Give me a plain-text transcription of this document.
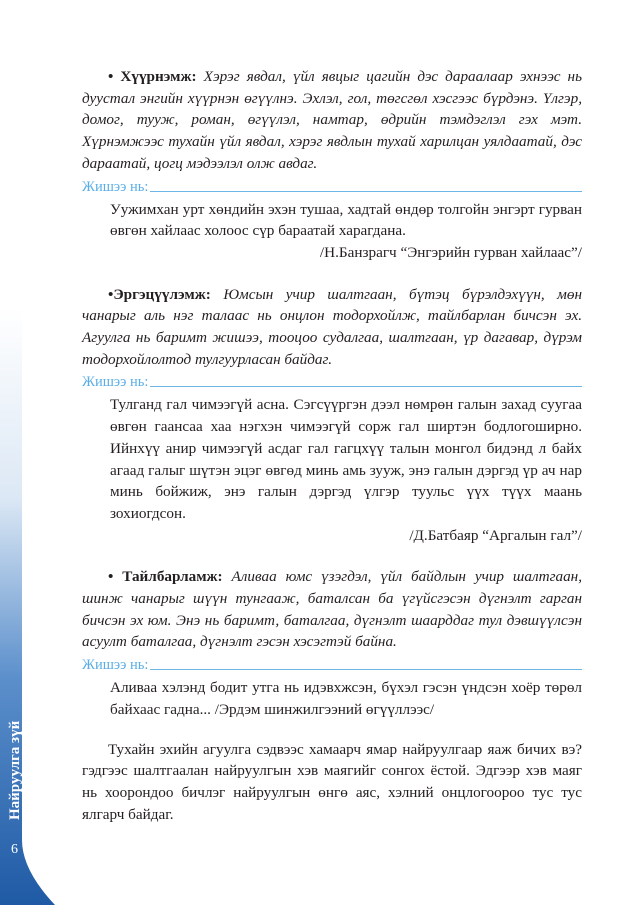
Найруулга зүй
6

• Хүүрнэмж: Хэрэг явдал, үйл явцыг цагийн дэс дараалаар эхнээс нь дуустал энгийн хүүрнэн өгүүлнэ. Эхлэл, гол, төгсгөл хэсгээс бүрдэнэ. Үлгэр, домог, тууж, роман, өгүүлэл, намтар, өдрийн тэмдэглэл гэх мэт. Хүрнэмжээс тухайн үйл явдал, хэрэг явдлын тухай харилцан уялдаатай, дэс дараатай, цогц мэдээлэл олж авдаг.

Жишээ нь:

Уужимхан урт хөндийн эхэн тушаа, хадтай өндөр толгойн энгэрт гурван өвгөн хайлаас холоос сүр бараатай харагдана.

/Н.Банзрагч “Энгэрийн гурван хайлаас”/

•Эргэцүүлэмж: Юмсын учир шалтгаан, бүтэц бүрэлдэхүүн, мөн чанарыг аль нэг талаас нь онцлон тодорхойлж, тайлбарлан бичсэн эх. Агуулга нь баримт жишээ, тооцоо судалгаа, шалтгаан, үр дагавар, дүрэм тодорхойлолтод тулгуурласан байдаг.

Жишээ нь:

Тулганд гал чимээгүй асна. Сэгсүүргэн дээл нөмрөн галын захад суугаа өвгөн гаансаа хаа нэгхэн чимээгүй сорж гал ширтэн бодлогоширно. Ийнхүү анир чимээгүй асдаг гал гагцхүү талын монгол бидэнд л байх агаад галыг шүтэн эцэг өвгөд минь амь зууж, энэ галын дэргэд үр ач нар минь бойжиж, энэ галын дэргэд үлгэр туульс үүх түүх маань зохиогдсон.

/Д.Батбаяр “Аргалын гал”/

• Тайлбарламж: Аливаа юмс үзэгдэл, үйл байдлын учир шалтгаан, шинж чанарыг шүүн тунгааж, баталсан ба үгүйсгэсэн дүгнэлт гарган бичсэн эх юм. Энэ нь баримт, баталгаа, дүгнэлт шаарддаг тул дэвшүүлсэн асуулт баталгаа, дүгнэлт гэсэн хэсэгтэй байна.

Жишээ нь:

Аливаа хэлэнд бодит утга нь идэвхжсэн, бүхэл гэсэн үндсэн хоёр төрөл байхаас гадна... /Эрдэм шинжилгээний өгүүллээс/

Тухайн эхийн агуулга сэдвээс хамаарч ямар найруулгаар яаж бичих вэ? гэдгээс шалтгаалан найруулгын хэв маягийг сонгох ёстой. Эдгээр хэв маяг нь хоорондоо бичлэг найруулгын өнгө аяс, хэлний онцлогоороо тус тус ялгарч байдаг.
